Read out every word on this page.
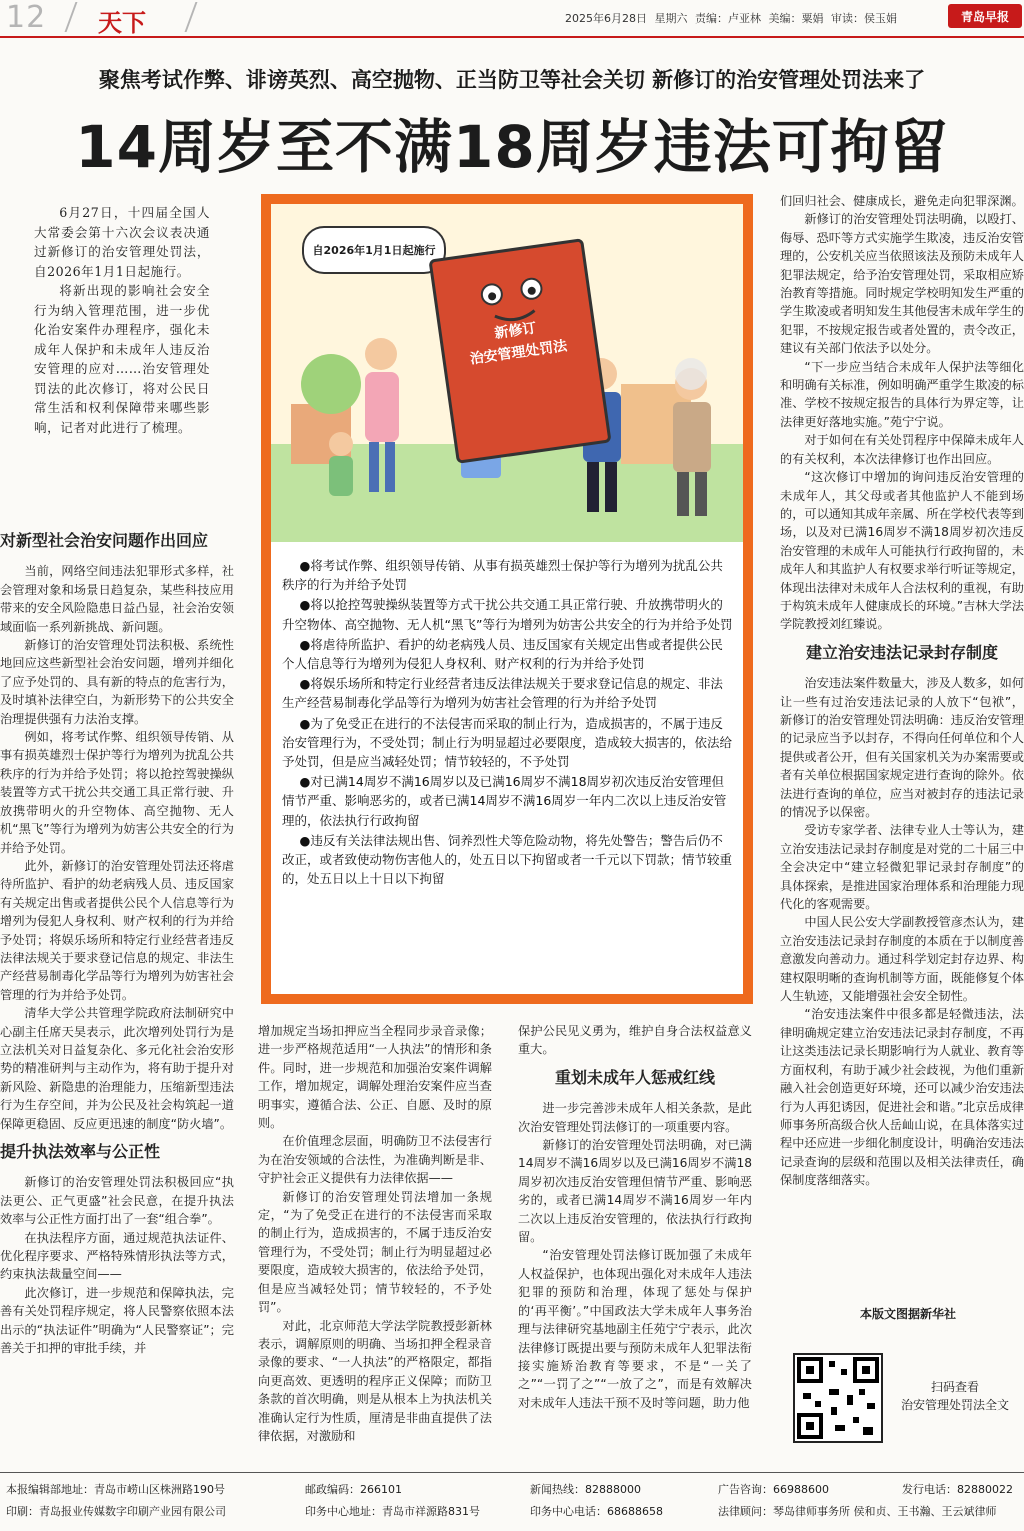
12 天下	2025年6月28日 星期六 责编：卢亚林 美编：粟娟 审读：侯玉娟	青岛早报
聚焦考试作弊、诽谤英烈、高空抛物、正当防卫等社会关切 新修订的治安管理处罚法来了
14周岁至不满18周岁违法可拘留

6月27日，十四届全国人大常委会第十六次会议表决通过新修订的治安管理处罚法，自2026年1月1日起施行。

将新出现的影响社会安全行为纳入管理范围，进一步优化治安案件办理程序，强化未成年人保护和未成年人违反治安管理的应对……治安管理处罚法的此次修订，将对公民日常生活和权利保障带来哪些影响，记者对此进行了梳理。

对新型社会治安问题作出回应

当前，网络空间违法犯罪形式多样，社会管理对象和场景日趋复杂，某些科技应用带来的安全风险隐患日益凸显，社会治安领域面临一系列新挑战、新问题。

新修订的治安管理处罚法积极、系统性地回应这些新型社会治安问题，增列并细化了应予处罚的、具有新的特点的危害行为，及时填补法律空白，为新形势下的公共安全治理提供强有力法治支撑。

例如，将考试作弊、组织领导传销、从事有损英雄烈士保护等行为增列为扰乱公共秩序的行为并给予处罚；将以抢控驾驶操纵装置等方式干扰公共交通工具正常行驶、升放携带明火的升空物体、高空抛物、无人机“黑飞”等行为增列为妨害公共安全的行为并给予处罚。

此外，新修订的治安管理处罚法还将虐待所监护、看护的幼老病残人员、违反国家有关规定出售或者提供公民个人信息等行为增列为侵犯人身权利、财产权利的行为并给予处罚；将娱乐场所和特定行业经营者违反法律法规关于要求登记信息的规定、非法生产经营易制毒化学品等行为增列为妨害社会管理的行为并给予处罚。

清华大学公共管理学院政府法制研究中心副主任席天昊表示，此次增列处罚行为是立法机关对日益复杂化、多元化社会治安形势的精准研判与主动作为，将有助于提升对新风险、新隐患的治理能力，压缩新型违法行为生存空间，并为公民及社会构筑起一道保障更稳固、反应更迅速的制度“防火墙”。

提升执法效率与公正性

新修订的治安管理处罚法积极回应“执法更公、正气更盛”社会民意，在提升执法效率与公正性方面打出了一套“组合拳”。

在执法程序方面，通过规范执法证件、优化程序要求、严格特殊情形执法等方式，约束执法裁量空间——

此次修订，进一步规范和保障执法，完善有关处罚程序规定，将人民警察依照本法出示的“执法证件”明确为“人民警察证”；完善关于扣押的审批手续，并

自2026年1月1日起施行
新修订
治安管理处罚法

●将考试作弊、组织领导传销、从事有损英雄烈士保护等行为增列为扰乱公共秩序的行为并给予处罚

●将以抢控驾驶操纵装置等方式干扰公共交通工具正常行驶、升放携带明火的升空物体、高空抛物、无人机“黑飞”等行为增列为妨害公共安全的行为并给予处罚

●将虐待所监护、看护的幼老病残人员、违反国家有关规定出售或者提供公民个人信息等行为增列为侵犯人身权利、财产权利的行为并给予处罚

●将娱乐场所和特定行业经营者违反法律法规关于要求登记信息的规定、非法生产经营易制毒化学品等行为增列为妨害社会管理的行为并给予处罚

●为了免受正在进行的不法侵害而采取的制止行为，造成损害的，不属于违反治安管理行为，不受处罚；制止行为明显超过必要限度，造成较大损害的，依法给予处罚，但是应当减轻处罚；情节较轻的，不予处罚

●对已满14周岁不满16周岁以及已满16周岁不满18周岁初次违反治安管理但情节严重、影响恶劣的，或者已满14周岁不满16周岁一年内二次以上违反治安管理的，依法执行行政拘留

●违反有关法律法规出售、饲养烈性犬等危险动物，将先处警告；警告后仍不改正，或者致使动物伤害他人的，处五日以下拘留或者一千元以下罚款；情节较重的，处五日以上十日以下拘留

增加规定当场扣押应当全程同步录音录像；进一步严格规范适用“一人执法”的情形和条件。同时，进一步规范和加强治安案件调解工作，增加规定，调解处理治安案件应当查明事实，遵循合法、公正、自愿、及时的原则。

在价值理念层面，明确防卫不法侵害行为在治安领域的合法性，为准确判断是非、守护社会正义提供有力法律依据——

新修订的治安管理处罚法增加一条规定，“为了免受正在进行的不法侵害而采取的制止行为，造成损害的，不属于违反治安管理行为，不受处罚；制止行为明显超过必要限度，造成较大损害的，依法给予处罚，但是应当减轻处罚；情节较轻的，不予处罚”。

对此，北京师范大学法学院教授彭新林表示，调解原则的明确、当场扣押全程录音录像的要求、“一人执法”的严格限定，都指向更高效、更透明的程序正义保障；而防卫条款的首次明确，则是从根本上为执法机关准确认定行为性质，厘清是非曲直提供了法律依据，对激励和

保护公民见义勇为，维护自身合法权益意义重大。

重划未成年人惩戒红线

进一步完善涉未成年人相关条款，是此次治安管理处罚法修订的一项重要内容。

新修订的治安管理处罚法明确，对已满14周岁不满16周岁以及已满16周岁不满18周岁初次违反治安管理但情节严重、影响恶劣的，或者已满14周岁不满16周岁一年内二次以上违反治安管理的，依法执行行政拘留。

“治安管理处罚法修订既加强了未成年人权益保护，也体现出强化对未成年人违法犯罪的预防和治理，体现了惩处与保护的‘再平衡’。”中国政法大学未成年人事务治理与法律研究基地副主任苑宁宁表示，此次法律修订既提出要与预防未成年人犯罪法衔接实施矫治教育等要求，不是“一关了之”“一罚了之”“一放了之”，而是有效解决对未成年人违法干预不及时等问题，助力他

们回归社会、健康成长，避免走向犯罪深渊。

新修订的治安管理处罚法明确，以殴打、侮辱、恐吓等方式实施学生欺凌，违反治安管理的，公安机关应当依照该法及预防未成年人犯罪法规定，给予治安管理处罚，采取相应矫治教育等措施。同时规定学校明知发生严重的学生欺凌或者明知发生其他侵害未成年学生的犯罪，不按规定报告或者处置的，责令改正，建议有关部门依法予以处分。

“下一步应当结合未成年人保护法等细化和明确有关标准，例如明确严重学生欺凌的标准、学校不按规定报告的具体行为界定等，让法律更好落地实施。”苑宁宁说。

对于如何在有关处罚程序中保障未成年人的有关权利，本次法律修订也作出回应。

“这次修订中增加的询问违反治安管理的未成年人，其父母或者其他监护人不能到场的，可以通知其成年亲属、所在学校代表等到场，以及对已满16周岁不满18周岁初次违反治安管理的未成年人可能执行行政拘留的，未成年人和其监护人有权要求举行听证等规定，体现出法律对未成年人合法权利的重视，有助于构筑未成年人健康成长的环境。”吉林大学法学院教授刘红臻说。

建立治安违法记录封存制度

治安违法案件数量大，涉及人数多，如何让一些有过治安违法记录的人放下“包袱”，新修订的治安管理处罚法明确：违反治安管理的记录应当予以封存，不得向任何单位和个人提供或者公开，但有关国家机关为办案需要或者有关单位根据国家规定进行查询的除外。依法进行查询的单位，应当对被封存的违法记录的情况予以保密。

受访专家学者、法律专业人士等认为，建立治安违法记录封存制度是对党的二十届三中全会决定中“建立轻微犯罪记录封存制度”的具体探索，是推进国家治理体系和治理能力现代化的客观需要。

中国人民公安大学副教授管彦杰认为，建立治安违法记录封存制度的本质在于以制度善意激发向善动力。通过科学划定封存边界、构建权限明晰的查询机制等方面，既能修复个体人生轨迹，又能增强社会安全韧性。

“治安违法案件中很多都是轻微违法，法律明确规定建立治安违法记录封存制度，不再让这类违法记录长期影响行为人就业、教育等方面权利，有助于减少社会歧视，为他们重新融入社会创造更好环境，还可以减少治安违法行为人再犯诱因，促进社会和谐。”北京岳成律师事务所高级合伙人岳屾山说，在具体落实过程中还应进一步细化制度设计，明确治安违法记录查询的层级和范围以及相关法律责任，确保制度落细落实。

本版文图据新华社
扫码查看
治安管理处罚法全文
本报编辑部地址：青岛市崂山区株洲路190号	邮政编码：266101	新闻热线：82888000	广告咨询：66988600	发行电话：82880022
印刷：青岛报业传媒数字印刷产业园有限公司	印务中心地址：青岛市祥源路831号	印务中心电话：68688658	法律顾问：琴岛律师事务所 侯和贞、王书瀚、王云斌律师
